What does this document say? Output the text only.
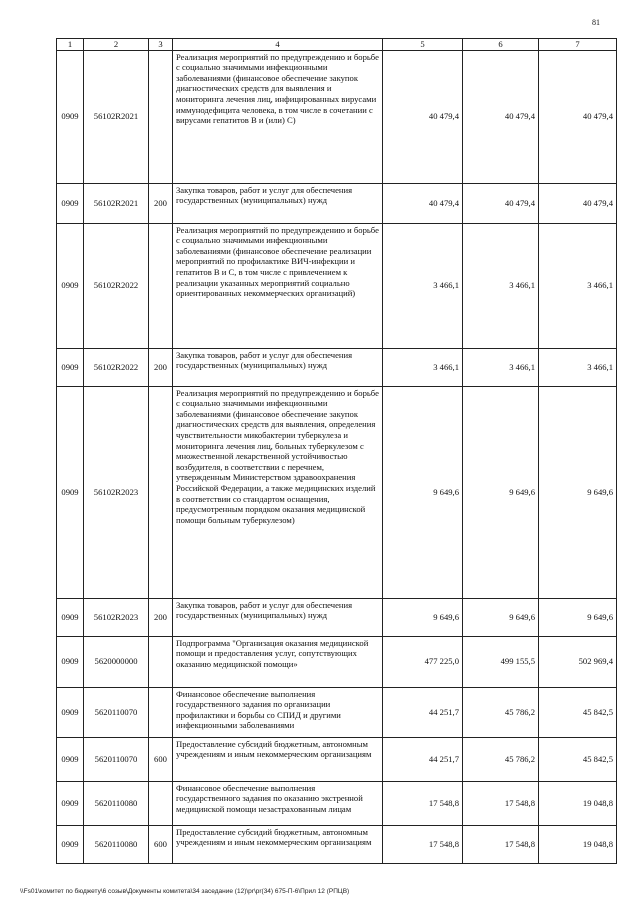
81
1	2	3	4	5	6	7
0909	56102R2021		Реализация мероприятий по предупреждению и борьбе с социально значимыми инфекционными заболеваниями (финансовое обеспечение закупок диагностических средств для выявления и мониторинга лечения лиц, инфицированных вирусами иммунодефицита человека, в том числе в сочетании с вирусами гепатитов B и (или) C)	40 479,4	40 479,4	40 479,4
0909	56102R2021	200	Закупка товаров, работ и услуг для обеспечения государственных (муниципальных) нужд	40 479,4	40 479,4	40 479,4
0909	56102R2022		Реализация мероприятий по предупреждению и борьбе с социально значимыми инфекционными заболеваниями (финансовое обеспечение реализации мероприятий по профилактике ВИЧ-инфекции и гепатитов B и C, в том числе с привлечением к реализации указанных мероприятий социально ориентированных некоммерческих организаций)	3 466,1	3 466,1	3 466,1
0909	56102R2022	200	Закупка товаров, работ и услуг для обеспечения государственных (муниципальных) нужд	3 466,1	3 466,1	3 466,1
0909	56102R2023		Реализация мероприятий по предупреждению и борьбе с социально значимыми инфекционными заболеваниями (финансовое обеспечение закупок диагностических средств для выявления, определения чувствительности микобактерии туберкулеза и мониторинга лечения лиц, больных туберкулезом с множественной лекарственной устойчивостью возбудителя, в соответствии с перечнем, утвержденным Министерством здравоохранения Российской Федерации, а также медицинских изделий в соответствии со стандартом оснащения, предусмотренным порядком оказания медицинской помощи больным туберкулезом)	9 649,6	9 649,6	9 649,6
0909	56102R2023	200	Закупка товаров, работ и услуг для обеспечения государственных (муниципальных) нужд	9 649,6	9 649,6	9 649,6
0909	5620000000		Подпрограмма "Организация оказания медицинской помощи и предоставления услуг, сопутствующих оказанию медицинской помощи»	477 225,0	499 155,5	502 969,4
0909	5620110070		Финансовое обеспечение выполнения государственного задания по организации профилактики и борьбы со СПИД и другими инфекционными заболеваниями	44 251,7	45 786,2	45 842,5
0909	5620110070	600	Предоставление субсидий бюджетным, автономным учреждениям и иным некоммерческим организациям	44 251,7	45 786,2	45 842,5
0909	5620110080		Финансовое обеспечение выполнения государственного задания по оказанию экстренной медицинской помощи незастрахованным лицам	17 548,8	17 548,8	19 048,8
0909	5620110080	600	Предоставление субсидий бюджетным, автономным учреждениям и иным некоммерческим организациям	17 548,8	17 548,8	19 048,8
\\Fs01\комитет по бюджету\6 созыв\Документы комитета\34 заседание (12)\pr\pr(34) 675-П-6\Прил 12 (РПЦВ)
